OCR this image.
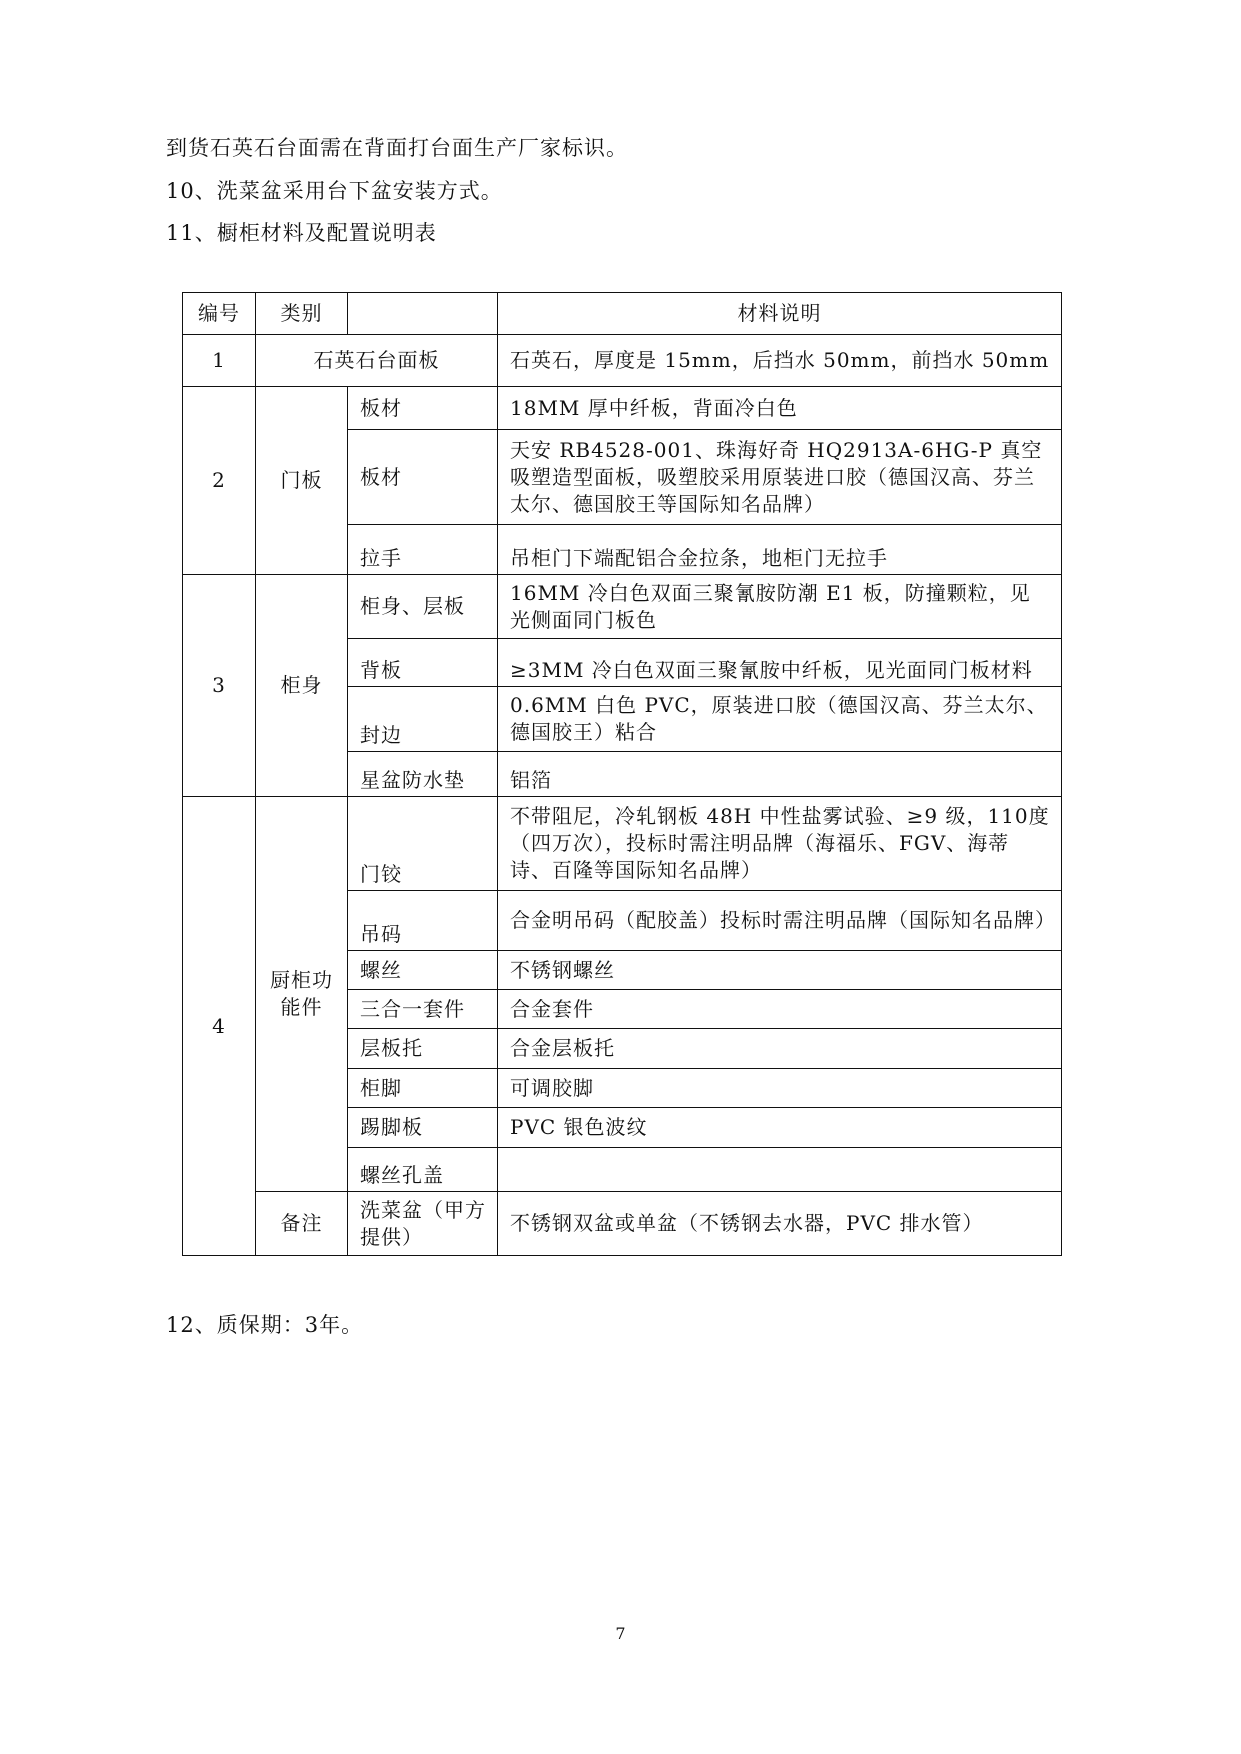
到货石英石台面需在背面打台面生产厂家标识。
10、洗菜盆采用台下盆安装方式。
11、橱柜材料及配置说明表
编号	类别		材料说明
1	石英石台面板		石英石，厚度是 15mm，后挡水 50mm，前挡水 50mm
2	门板	板材	18MM 厚中纤板，背面冷白色
		板材	天安 RB4528-001、珠海好奇 HQ2913A-6HG-P 真空吸塑造型面板，吸塑胶采用原装进口胶（德国汉高、芬兰太尔、德国胶王等国际知名品牌）
		拉手	吊柜门下端配铝合金拉条，地柜门无拉手
3	柜身	柜身、层板	16MM 冷白色双面三聚氰胺防潮 E1 板，防撞颗粒，见光侧面同门板色
		背板	≥3MM 冷白色双面三聚氰胺中纤板，见光面同门板材料
		封边	0.6MM 白色 PVC，原装进口胶（德国汉高、芬兰太尔、德国胶王）粘合
		星盆防水垫	铝箔
4	厨柜功能件	门铰	不带阻尼，冷轧钢板 48H 中性盐雾试验、≥9 级，110度（四万次），投标时需注明品牌（海福乐、FGV、海蒂诗、百隆等国际知名品牌）
		吊码	合金明吊码（配胶盖）投标时需注明品牌（国际知名品牌）
		螺丝	不锈钢螺丝
		三合一套件	合金套件
		层板托	合金层板托
		柜脚	可调胶脚
		踢脚板	PVC 银色波纹
		螺丝孔盖	
	备注	洗菜盆（甲方提供）	不锈钢双盆或单盆（不锈钢去水器，PVC 排水管）
12、质保期：3年。
7
